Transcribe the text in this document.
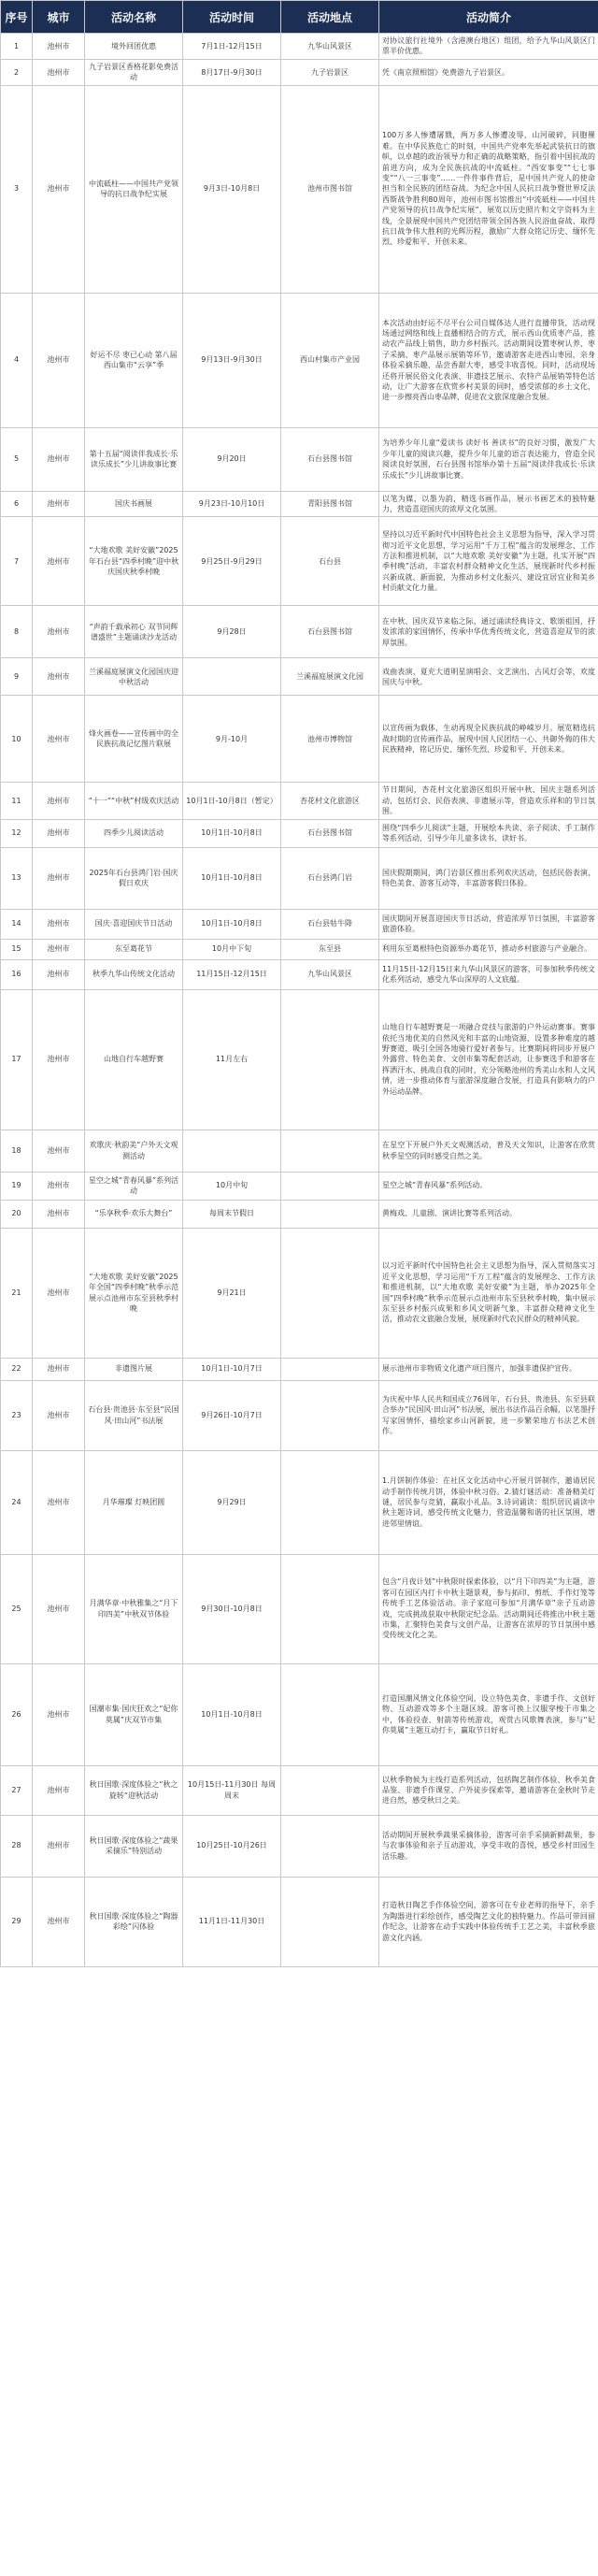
序号	城市	活动名称	活动时间	活动地点	活动简介
1	池州市	境外回团优惠	7月1日-12月15日	九华山风景区	对协议旅行社境外（含港澳台地区）组团，给予九华山风景区门票半价优惠。
2	池州市	九子岩景区香格花影免费活动	8月17日-9月30日	九子岩景区	凭《南京照相馆》免费游九子岩景区。
3	池州市	中流砥柱——中国共产党领导的抗日战争纪实展	9月3日-10月8日	池州市图书馆	100万多人惨遭屠戮，两万多人惨遭凌辱，山河破碎，同胞罹难。在中华民族危亡的时刻，中国共产党率先举起武装抗日的旗帜，以卓越的政治领导力和正确的战略策略，指引着中国抗战的前进方向，成为全民族抗战的中流砥柱。“西安事变”“七七事变”“八一三事变”……一件件事件背后，是中国共产党人的使命担当和全民族的团结奋战。为纪念中国人民抗日战争暨世界反法西斯战争胜利80周年，池州市图书馆推出“中流砥柱——中国共产党领导的抗日战争纪实展”，展览以历史照片和文字资料为主线，全景展现中国共产党团结带领全国各族人民浴血奋战、取得抗日战争伟大胜利的光辉历程，激励广大群众铭记历史、缅怀先烈、珍爱和平、开创未来。
4	池州市	好运不尽 枣已心动 第八届西山集市“云享”季	9月13日-9月30日	西山村集市产业园	本次活动由好运不尽平台公司自媒体达人进行直播带货，活动现场通过网络和线上直播相结合的方式，展示西山优质枣产品，推动农产品线上销售，助力乡村振兴。活动期间设置枣树认养、枣子采摘、枣产品展示展销等环节，邀请游客走进西山枣园，亲身体验采摘乐趣，品尝香甜大枣，感受丰收喜悦。同时，活动现场还将开展民俗文化表演、非遗技艺展示、农特产品展销等特色活动，让广大游客在欣赏乡村美景的同时，感受浓郁的乡土文化，进一步擦亮西山枣品牌，促进农文旅深度融合发展。
5	池州市	第十五届“阅读伴我成长·乐读乐成长”少儿讲故事比赛	9月20日	石台县图书馆	为培养少年儿童“爱读书 读好书 善读书”的良好习惯，激发广大少年儿童的阅读兴趣，提升少年儿童的语言表达能力，营造全民阅读良好氛围，石台县图书馆举办第十五届“阅读伴我成长·乐读乐成长”少儿讲故事比赛。
6	池州市	国庆书画展	9月23日-10月10日	青阳县图书馆	以笔为媒，以墨为韵，精选书画作品，展示书画艺术的独特魅力，营造喜迎国庆的浓厚文化氛围。
7	池州市	“大地欢歌 美好安徽”2025年石台县“四季村晚”迎中秋庆国庆秋季村晚	9月25日-9月29日	石台县	坚持以习近平新时代中国特色社会主义思想为指导，深入学习贯彻习近平文化思想，学习运用“千万工程”蕴含的发展理念、工作方法和推进机制，以“大地欢歌 美好安徽”为主题，扎实开展“四季村晚”活动，丰富农村群众精神文化生活，展现新时代乡村振兴新成就、新面貌，为推动乡村文化振兴、建设宜居宜业和美乡村贡献文化力量。
8	池州市	“声韵千载承初心 双节同辉谱盛世”主题诵读沙龙活动	9月28日	石台县图书馆	在中秋、国庆双节来临之际，通过诵读经典诗文、歌颂祖国，抒发浓浓的家国情怀，传承中华优秀传统文化，营造喜迎双节的浓厚氛围。
9	池州市	兰溪福庭展演文化园国庆迎中秋活动		兰溪福庭展演文化园	戏曲表演、夏充大道明星演唱会、文艺演出、古风灯会等，欢度国庆与中秋。
10	池州市	烽火画卷——宣传画中的全民族抗战记忆图片联展	9月-10月	池州市博物馆	以宣传画为载体，生动再现全民族抗战的峥嵘岁月。展览精选抗战时期的宣传画作品，展现中国人民团结一心、共御外侮的伟大民族精神，铭记历史、缅怀先烈、珍爱和平、开创未来。
11	池州市	“十一”“中秋”村级欢庆活动	10月1日-10月8日（暂定）	杏花村文化旅游区	节日期间，杏花村文化旅游区组织开展中秋、国庆主题系列活动，包括灯会、民俗表演、非遗展示等，营造欢乐祥和的节日氛围。
12	池州市	四季少儿阅读活动	10月1日-10月8日	石台县图书馆	围绕“四季少儿阅读”主题，开展绘本共读、亲子阅读、手工制作等系列活动，引导少年儿童多读书、读好书。
13	池州市	2025年石台县鸿门岩·国庆假日欢庆	10月1日-10月8日	石台县鸿门岩	国庆假期期间，鸿门岩景区推出系列欢庆活动，包括民俗表演、特色美食、游客互动等，丰富游客假日体验。
14	池州市	国庆·喜迎国庆节日活动	10月1日-10月8日	石台县牯牛降	国庆期间开展喜迎国庆节日活动，营造浓厚节日氛围，丰富游客旅游体验。
15	池州市	东至葛花节	10月中下旬	东至县	利用东至葛根特色资源举办葛花节，推动乡村旅游与产业融合。
16	池州市	秋季九华山传统文化活动	11月15日-12月15日	九华山风景区	11月15日-12月15日来九华山风景区的游客，可参加秋季传统文化系列活动，感受九华山深厚的人文底蕴。
17	池州市	山地自行车越野赛	11月左右		山地自行车越野赛是一项融合竞技与旅游的户外运动赛事。赛事依托当地优美的自然风光和丰富的山地资源，设置多种难度的越野赛道，吸引全国各地骑行爱好者参与。比赛期间将同步开展户外露营、特色美食、文创市集等配套活动，让参赛选手和游客在挥洒汗水、挑战自我的同时，充分领略池州的秀美山水和人文风情，进一步推动体育与旅游深度融合发展，打造具有影响力的户外运动品牌。
18	池州市	欢歌庆·秋韵美“户外天文观测活动			在星空下开展户外天文观测活动，普及天文知识，让游客在欣赏秋季星空的同时感受自然之美。
19	池州市	星空之城“青春风暴”系列活动	10月中旬		星空之城“青春风暴”系列活动。
20	池州市	“乐享秋季·欢乐大舞台”	每周末节假日		黄梅戏、儿童剧、演讲比赛等系列活动。
21	池州市	“大地欢歌 美好安徽”2025年全国“四季村晚”秋季示范展示点池州市东至县秋季村晚	9月21日		以习近平新时代中国特色社会主义思想为指导，深入贯彻落实习近平文化思想，学习运用“千万工程”蕴含的发展理念、工作方法和推进机制，以“大地欢歌 美好安徽”为主题，举办2025年全国“四季村晚”秋季示范展示点池州市东至县秋季村晚，集中展示东至县乡村振兴成果和乡风文明新气象，丰富群众精神文化生活，推动农文旅融合发展，展现新时代农民群众的精神风貌。
22	池州市	非遗图片展	10月1日-10月7日		展示池州市非物质文化遗产项目图片，加强非遗保护宣传。
23	池州市	石台县·贵池县·东至县“民国风·田山河”书法展	9月26日-10月7日		为庆祝中华人民共和国成立76周年，石台县、贵池县、东至县联合举办“民国风·田山河”书法展，展出书法作品百余幅，以笔墨抒写家国情怀，描绘家乡山河新貌，进一步繁荣地方书法艺术创作。
24	池州市	月华璀璨 灯映团圆	9月29日		1.月饼制作体验：在社区文化活动中心开展月饼制作，邀请居民动手制作传统月饼，体验中秋习俗。2.猜灯谜活动：准备精美灯谜，居民参与竞猜，赢取小礼品。3.诗词诵读：组织居民诵读中秋主题诗词，感受传统文化魅力，营造温馨和谐的社区氛围，增进邻里情谊。
25	池州市	月满华章·中秋雅集之“月下印四美”中秋双节体验	9月30日-10月8日		包含“月夜计划”中秋限时探索体验，以“月下印四美”为主题，游客可在园区内打卡中秋主题景观，参与拓印、剪纸、手作灯笼等传统手工艺体验活动。亲子家庭可参加“月满华章”亲子互动游戏，完成挑战获取中秋限定纪念品。活动期间还将推出中秋主题市集，汇聚特色美食与文创产品，让游客在浓厚的节日氛围中感受传统文化之美。
26	池州市	国潮市集·国庆狂欢之“妃你莫属”庆双节市集	10月1日-10月8日		打造国潮风情文化体验空间，设立特色美食、非遗手作、文创好物、互动游戏等多个主题区域。游客可换上汉服穿梭于市集之中，体验投壶、射箭等传统游戏，观赏古风歌舞表演，参与“妃你莫属”主题互动打卡，赢取节日好礼。
27	池州市	秋日国歌·深度体验之“秋之旋转”迎秋活动	10月15日-11月30日 每周周末		以秋季物候为主线打造系列活动，包括陶艺制作体验、秋季美食品鉴、非遗手作课堂、户外徒步探索等，邀请游客在金秋时节走进自然，感受秋日之美。
28	池州市	秋日国歌·深度体验之“蔬果采摘乐”特别活动	10月25日-10月26日		活动期间开展秋季蔬果采摘体验，游客可亲手采摘新鲜蔬果，参与农事体验和亲子互动游戏，享受丰收的喜悦，感受乡村田园生活乐趣。
29	池州市	秋日国歌·深度体验之“陶器彩绘”闪体验	11月1日-11月30日		打造秋日陶艺手作体验空间，游客可在专业老师的指导下，亲手为陶器进行彩绘创作，感受陶艺文化的独特魅力。作品可带回留作纪念，让游客在动手实践中体验传统手工艺之美，丰富秋季旅游文化内涵。
